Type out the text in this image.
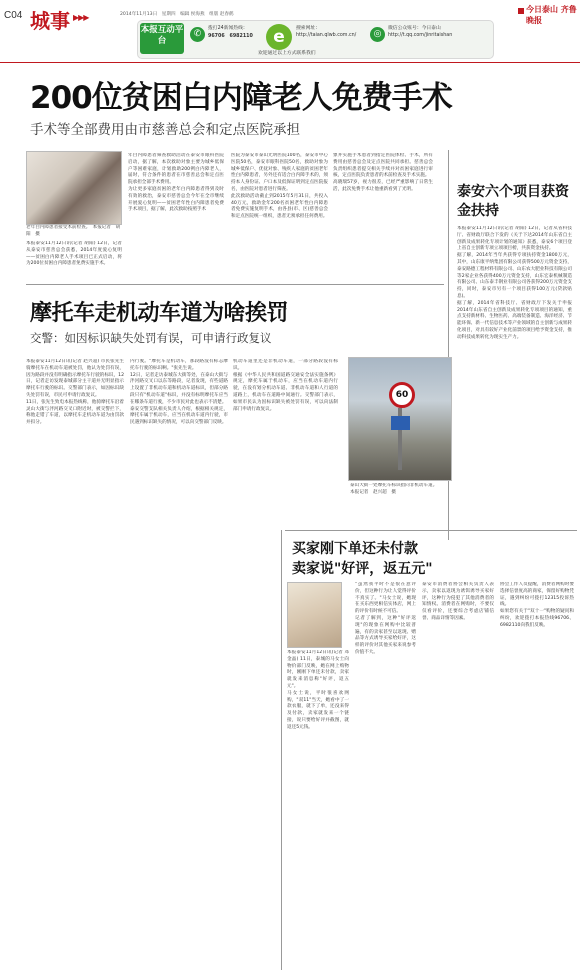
C04 城事 ▶▶▶	2014年11月13日　星期四　编辑 侯海燕　组版 赵春鹤
今日泰山 齐鲁晚报
本报互动平台
✆
拨打24新闻热线：
96706　6982110	e	搜索网址：
http://taian.qlwb.com.cn/	◎
微信公众账号：今日泰山
http://t.qq.com/jinritaishan
欢迎通过以上方式联系我们
200位贫困白内障老人免费手术
手术等全部费用由市慈善总会和定点医院承担
老年白内障患者接受术前检查。　本报记者　胡阳　摄
本报泰安11月12日讯(记者 胡阳) 12日，记者从泰安市慈善总会获悉，2014年度爱心复明——贫困白内障老人手术项目已正式启动，将为200位贫困白内障患者免费实施手术。
年白内障患者筛查救助活动在泰安市眼科医院启动，据了解，本次救助对象主要为城乡低保户等困难家庭，计划救助200例白内障老人，届时，符合条件的患者在市慈善总会和定点医院承担全部手术费用。
为让更多家庭贫困的老年白内障患者得到及时有效的救治，泰安市慈善总会今年在全市继续开展爱心复明——贫困老年性白内障患者免费手术项目，据了解，此次救助按照手术
医院为泰安市泰山光明医院100名，泰安市中心医院50名，泰安市眼科医院50名，救助对象为城乡低保户、优抚对象、残疾人家庭的贫困老年性白内障患者，另外还有适合白内障手术的，须持本人身份证、户口本及低保证明到定点医院报名，由医院对患者进行筛查。
此次救助活动截止到2015年5月31日，共投入40万元，救助金年200名贫困老年性白内障患者免费实施复明手术，由各县(市、区)慈善总会和定点医院统一组织，患者无须承担任何费用。
象并实施手术患者到指定医院体检、手术，所有费用由慈善总会及定点医院共同承担。慈善总会负责组织患者提交相关手续并对贫困家庭进行审核，定点医院负责患者的术前检查及手术实施。
高晓瑞57岁，视力很差，已经严重影响了日常生活，此次免费手术让他重新看到了光明。	泰安六个项目获资金扶持
本报泰安11月12日讯(记者 胡阳) 12日，记者从省科技厅、省财政厅联合下发的《关于下达2014年山东省自主创新及成果转化专项计划的通知》获悉，泰安6个项目登上省自主创新专项立项项目榜，共获资金扶持。
据了解，2014年当年共获得专项扶持资金1800万元，其中，山东康平纳集团有限公司获得500万元资金支持，泰安路德工程材料有限公司、山东农大肥业科技有限公司等2家企业各获得400万元资金支持，山东宏泰机械制造有限公司、山东泰丰钢业有限公司各获得200万元资金支持，同时，泰安市另有一个项目获得100万元(贷款贴息)。
据了解，2014年省科技厅、省财政厅下发关于申报2014年山东省自主创新及成果转化专项项目的通知，重点支持新材料、生物医药、高端装备制造、海洋经济、节能环保、新一代信息技术等产业领域的自主创新与成果转化项目，对具有较好产业化前景的项目给予资金支持，推动科技成果转化为现实生产力。
摩托车走机动车道为啥挨罚
交警：如因标识缺失处罚有误，可申请行政复议
本报泰安11月12日讯(记者 赵兴超) 市民张先生骑摩托车在机动车道被处罚，他认为处罚有误，因为路段并没有明确指示摩托车行驶的标识，12日，记者走访发现泰城部分主干道并无明显指示摩托车行驶的标识。交警部门表示，如因标识缺失处罚有误，市民可申请行政复议。
11日，张先生致电本报热线称，他骑摩托车沿着灵山大街与泮河路交叉口附近时，被交警拦下，称他走错了车道，以摩托车走机动车道为由罚款并扣分。
内行驶。"摩托车是机动车，那段路没有标志摩托车行驶的标识啊。"张先生说。
12日，记者走访泰城东大街等处，在泰山大街与泮河路交叉口以东等路段，记者发现，有些道路上设置了非机动车道和机动车道标识，但部分路段只有"机动车道"标识，并没有标明摩托车应当在哪条车道行驶，不少市民对此也表示不清楚。
泰安交警支队相关负责人介绍，根据相关规定，摩托车属于机动车，应当在机动车道内行驶，市民遇到标识缺失的情况，可以向交警部门反映。
机动车道里还是非机动车道，一部分路段没有标识。
根据《中华人民共和国道路交通安全法实施条例》规定，摩托车属于机动车，应当在机动车道内行驶，在没有划分机动车道、非机动车道和人行道的道路上，机动车在道路中间通行。交警部门表示，如果市民认为因标识缺失被处罚有误，可以向法制部门申请行政复议。
60
泰山大街一处摩托车标识指向非机动车道。　本报记者　赵兴超　摄
买家刚下单还未付款
卖家说"好评，返五元"
本报泰安11月12日讯(记者 邓金晶) 11日，泰城的马女士向物价部门反映，她在网上购物时，刚刚下单还未付款，卖家就发来消息称"好评，返五元"。
马女士说，平时很喜欢网购，"双11"当天，她看中了一款衣服，就下了单，还没来得及付款，卖家就发来一个链接，说只要给好评并截图，就返还5元钱。
"虽然我平时不是很在意评价，但这种行为让人觉得评价不真实了。"马女士说，她现在买东西更相信实体店，网上的评价有时候不可信。
记者了解到，这种"好评返现"的现象在网购中比较普遍，有的卖家甚至以返现、赠品等方式诱导买家给好评，这样的评价对其他买家来说参考价值不大。
泰安市消费者协会相关负责人表示，卖家以返现为诱饵诱导买家好评，这种行为侵犯了其他消费者的知情权。消费者在网购时，不要仅仅看评价，还要综合考虑店铺信誉、商品详情等因素。
协会工作人员提醒，消费者网购时要选择信誉度高的商家，保留好购物凭证，遇到纠纷可拨打12315投诉热线。
如果您有关于"双十一"购物的疑问和纠纷，欢迎拨打本报热线96706、6982110向我们反映。
